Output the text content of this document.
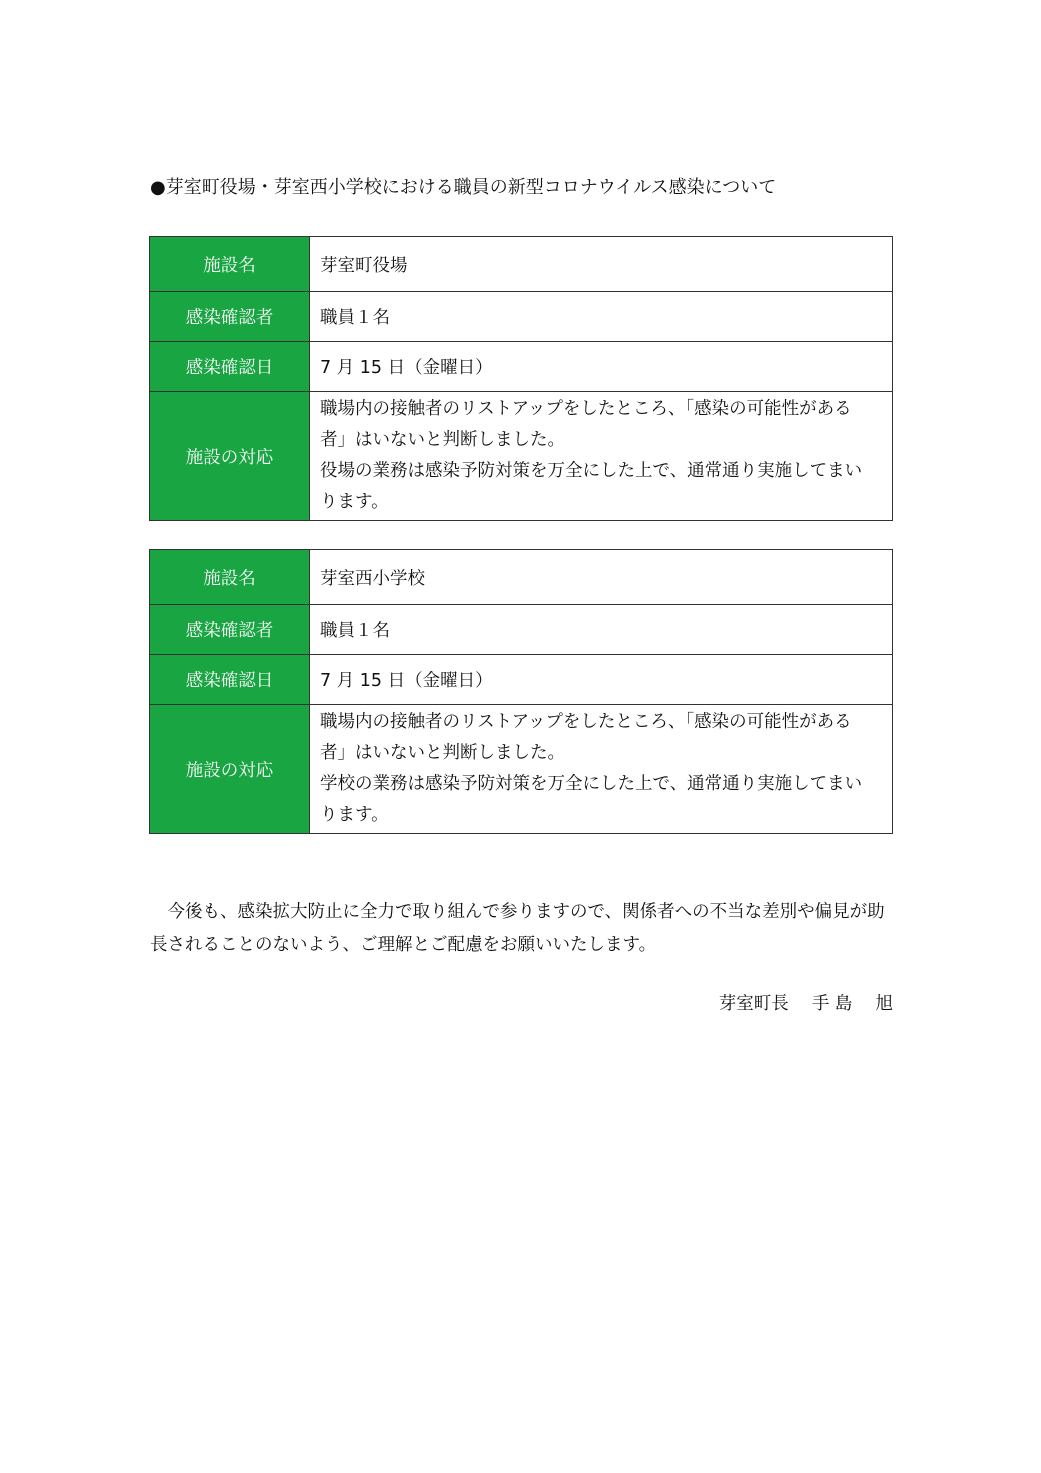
●芽室町役場・芽室西小学校における職員の新型コロナウイルス感染について
施設名	芽室町役場
感染確認者	職員１名
感染確認日	7 月 15 日（金曜日）
施設の対応	職場内の接触者のリストアップをしたところ、「感染の可能性がある
者」はいないと判断しました。
役場の業務は感染予防対策を万全にした上で、通常通り実施してまい
ります。
施設名	芽室西小学校
感染確認者	職員１名
感染確認日	7 月 15 日（金曜日）
施設の対応	職場内の接触者のリストアップをしたところ、「感染の可能性がある
者」はいないと判断しました。
学校の業務は感染予防対策を万全にした上で、通常通り実施してまい
ります。
　今後も、感染拡大防止に全力で取り組んで参りますので、関係者への不当な差別や偏見が助
長されることのないよう、ご理解とご配慮をお願いいたします。
芽室町長　 手 島　 旭
